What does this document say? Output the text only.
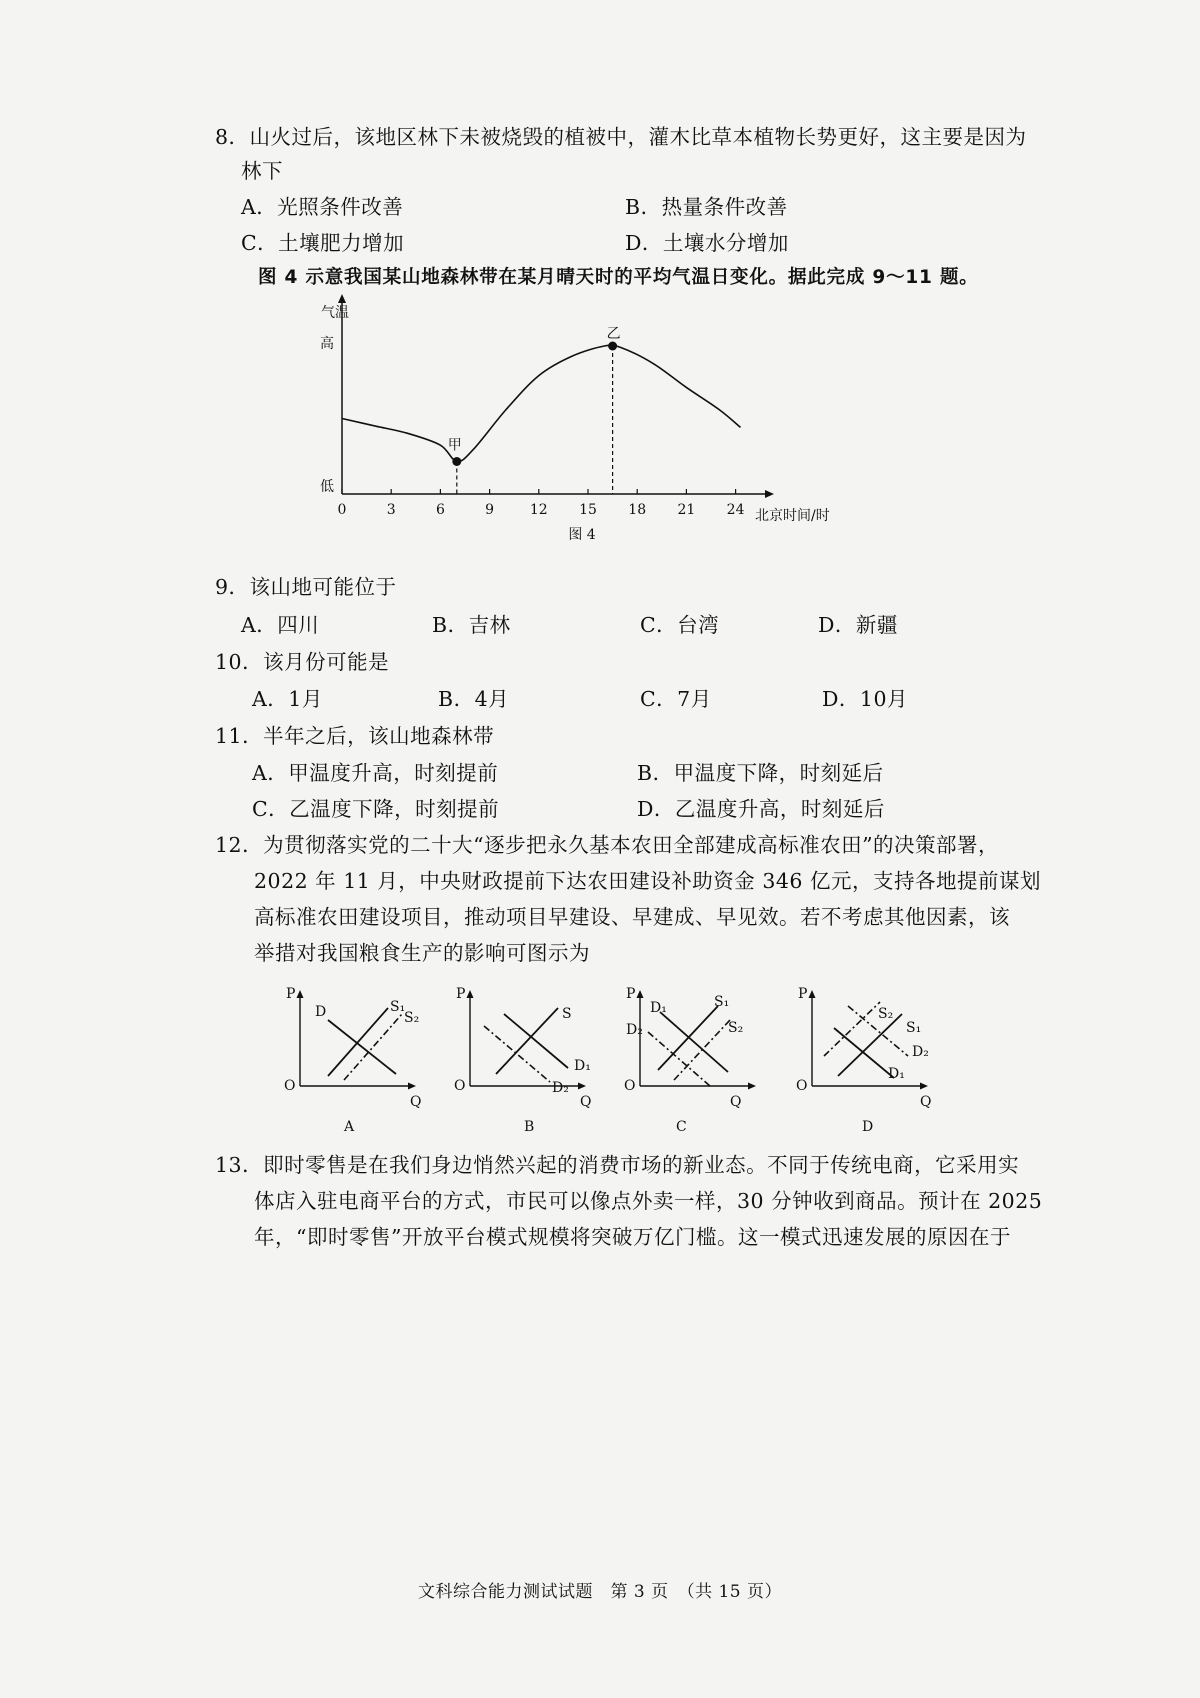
8．山火过后，该地区林下未被烧毁的植被中，灌木比草本植物长势更好，这主要是因为
林下
A．光照条件改善	B．热量条件改善
C．土壤肥力增加	D．土壤水分增加
图 4 示意我国某山地森林带在某月晴天时的平均气温日变化。据此完成 9～11 题。
0	3	6	9	12 15 18 21 24
甲
乙
气温
高
低
北京时间/时
图 4
9．该山地可能位于
A．四川	B．吉林	C．台湾	D．新疆
10．该月份可能是
A．1月	B．4月	C．7月	D．10月
11．半年之后，该山地森林带
A．甲温度升高，时刻提前	B．甲温度下降，时刻延后
C．乙温度下降，时刻提前	D．乙温度升高，时刻延后
12．为贯彻落实党的二十大“逐步把永久基本农田全部建成高标准农田”的决策部署，
2022 年 11 月，中央财政提前下达农田建设补助资金 346 亿元，支持各地提前谋划
高标准农田建设项目，推动项目早建设、早建成、早见效。若不考虑其他因素，该
举措对我国粮食生产的影响可图示为
P
Q
O
D	S₁
S₂
A
P
Q
O
S
D₁
D₂
B
P
Q
O
D₁
D₂
S₁
S₂
C
P
Q
O
S₂
S₁
D₂
D₁
D
13．即时零售是在我们身边悄然兴起的消费市场的新业态。不同于传统电商，它采用实
体店入驻电商平台的方式，市民可以像点外卖一样，30 分钟收到商品。预计在 2025
年，“即时零售”开放平台模式规模将突破万亿门槛。这一模式迅速发展的原因在于
文科综合能力测试试题　第 3 页　（共 15 页）
